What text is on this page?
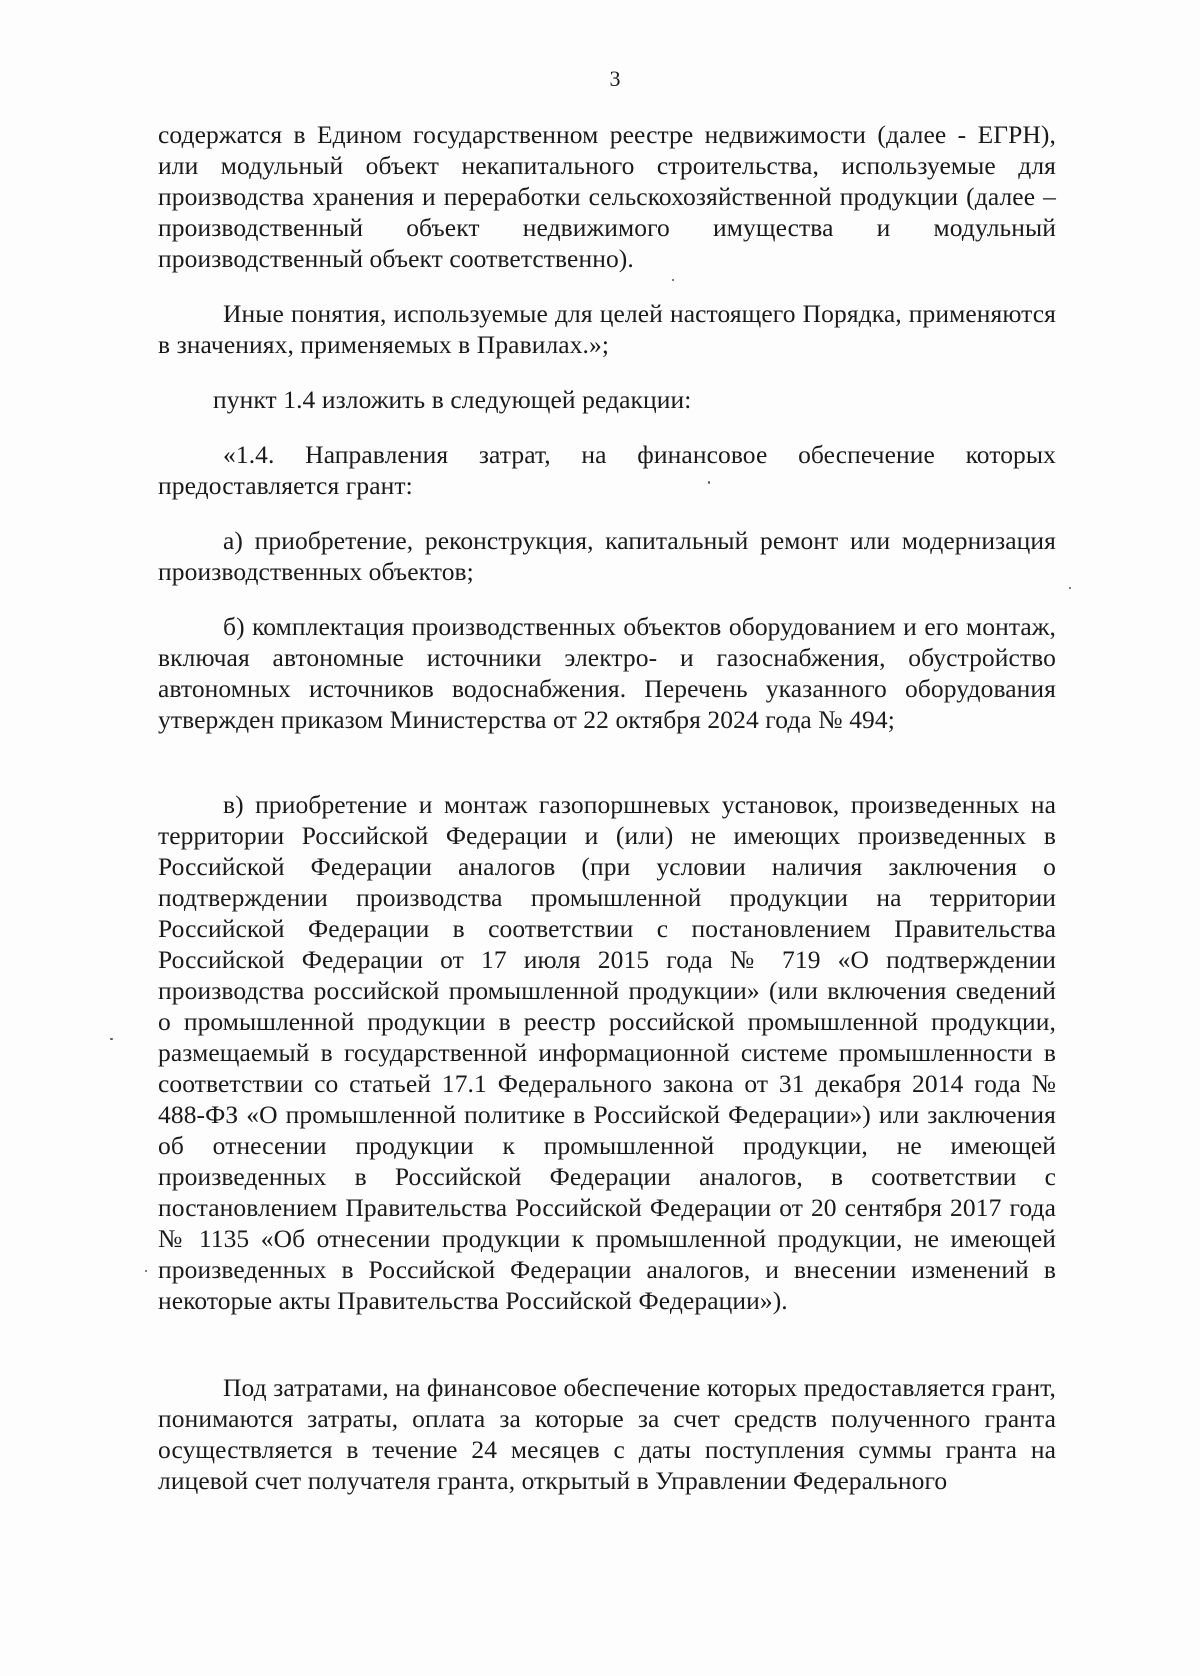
3
содержатся в Едином государственном реестре недвижимости (далее - ЕГРН), или модульный объект некапитального строительства, используемые для производства хранения и переработки сельскохозяйственной продукции (далее – производственный объект недвижимого имущества и модульный производственный объект соответственно).
Иные понятия, используемые для целей настоящего Порядка, применяются в значениях, применяемых в Правилах.»;
пункт 1.4 изложить в следующей редакции:
«1.4. Направления затрат, на финансовое обеспечение которых предоставляется грант:
а) приобретение, реконструкция, капитальный ремонт или модернизация производственных объектов;
б) комплектация производственных объектов оборудованием и его монтаж, включая автономные источники электро- и газоснабжения, обустройство автономных источников водоснабжения. Перечень указанного оборудования утвержден приказом Министерства от 22 октября 2024 года № 494;
в) приобретение и монтаж газопоршневых установок, произведенных на территории Российской Федерации и (или) не имеющих произведенных в Российской Федерации аналогов (при условии наличия заключения о подтверждении производства промышленной продукции на территории Российской Федерации в соответствии с постановлением Правительства Российской Федерации от 17 июля 2015 года № 719 «О подтверждении производства российской промышленной продукции» (или включения сведений о промышленной продукции в реестр российской промышленной продукции, размещаемый в государственной информационной системе промышленности в соответствии со статьей 17.1 Федерального закона от 31 декабря 2014 года № 488-ФЗ «О промышленной политике в Российской Федерации») или заключения об отнесении продукции к промышленной продукции, не имеющей произведенных в Российской Федерации аналогов, в соответствии с постановлением Правительства Российской Федерации от 20 сентября 2017 года № 1135 «Об отнесении продукции к промышленной продукции, не имеющей произведенных в Российской Федерации аналогов, и внесении изменений в некоторые акты Правительства Российской Федерации»).
Под затратами, на финансовое обеспечение которых предоставляется грант, понимаются затраты, оплата за которые за счет средств полученного гранта осуществляется в течение 24 месяцев с даты поступления суммы гранта на лицевой счет получателя гранта, открытый в Управлении Федерального
